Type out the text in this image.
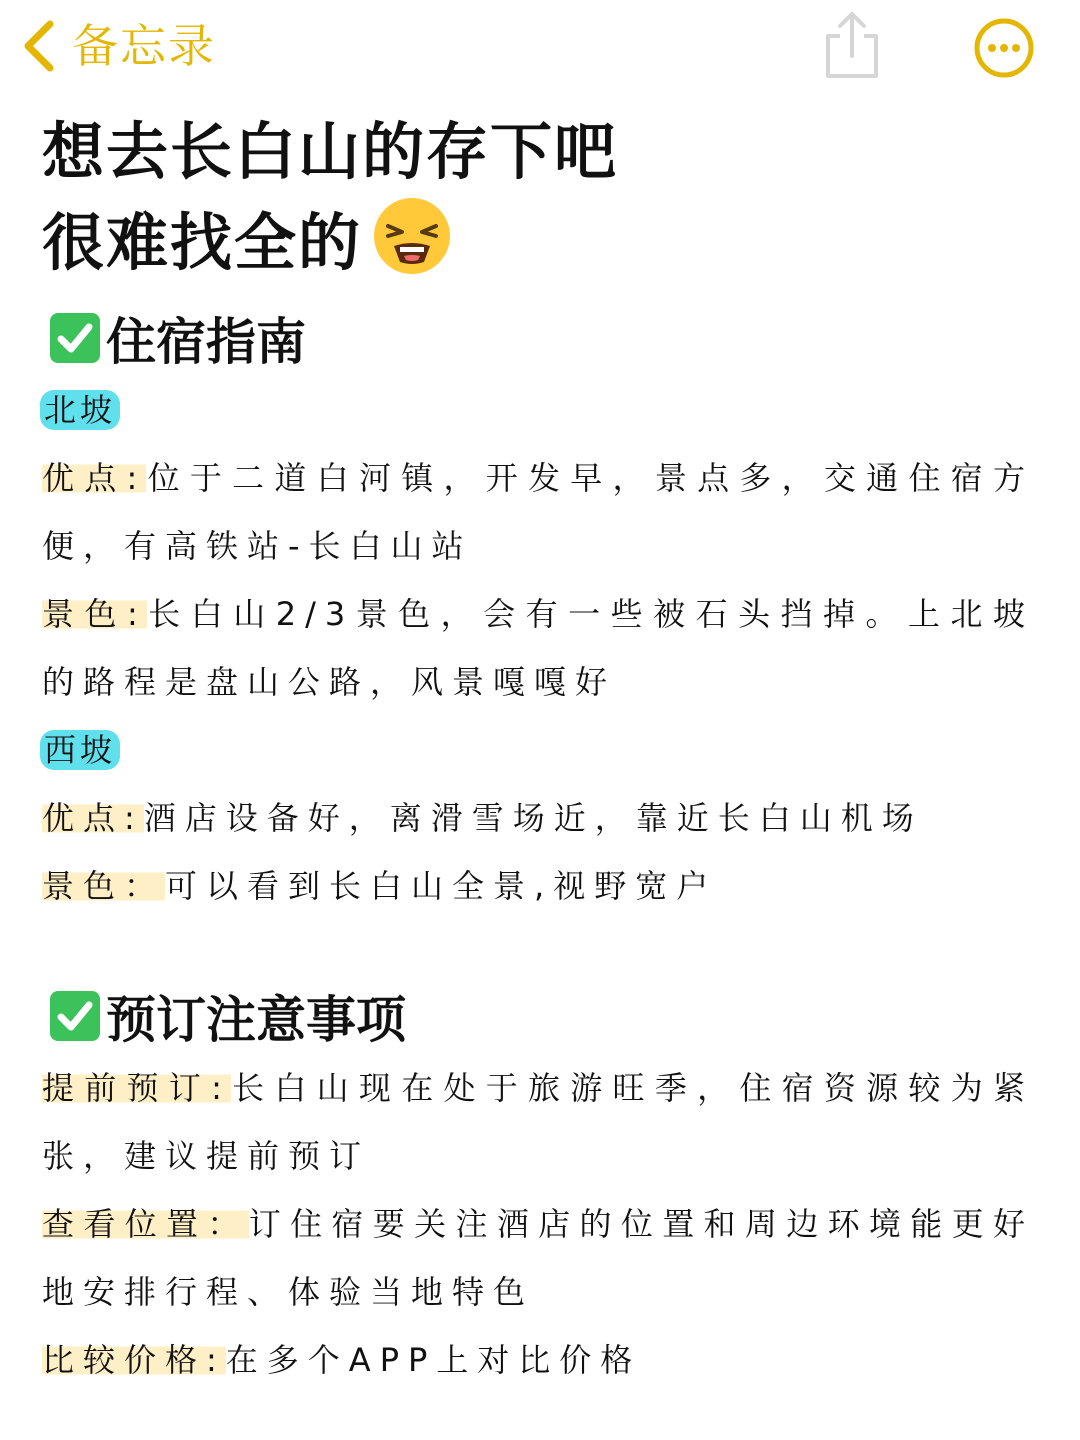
备忘录
想去长白山的存下吧
很难找全的
住宿指南
北坡

优点:位于二道白河镇，开发早，景点多，交通住宿方便，有高铁站-长白山站

景色:长白山2/3景色，会有一些被石头挡掉。上北坡的路程是盘山公路，风景嘎嘎好

西坡

优点:酒店设备好，离滑雪场近，靠近长白山机场

景色：可以看到长白山全景,视野宽户

预订注意事项

提前预订:长白山现在处于旅游旺季，住宿资源较为紧张，建议提前预订

查看位置：订住宿要关注酒店的位置和周边环境能更好地安排行程、体验当地特色

比较价格:在多个APP上对比价格
